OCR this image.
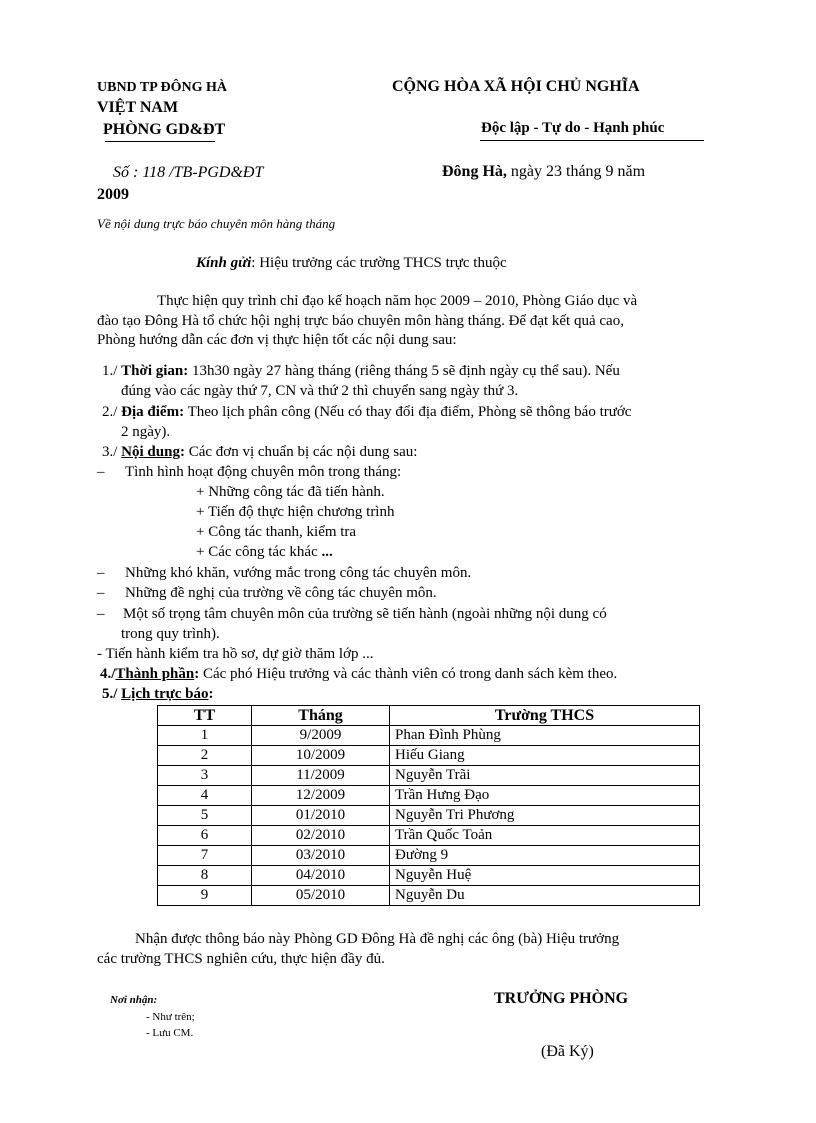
UBND TP ĐÔNG HÀ
VIỆT NAM
PHÒNG GD&ĐT
CỘNG HÒA XÃ HỘI CHỦ NGHĨA
Độc lập - Tự do - Hạnh phúc
Số : 118 /TB-PGD&ĐT	Đông Hà, ngày 23 tháng 9 năm
2009
Về nội dung trực báo chuyên môn hàng tháng
Kính gửi: Hiệu trưởng các trường THCS trực thuộc
Thực hiện quy trình chỉ đạo kế hoạch năm học 2009 – 2010, Phòng Giáo dục và
đào tạo Đông Hà tổ chức hội nghị trực báo chuyên môn hàng tháng. Để đạt kết quả cao,
Phòng hướng dẫn các đơn vị thực hiện tốt các nội dung sau:
1./ Thời gian: 13h30 ngày 27 hàng tháng (riêng tháng 5 sẽ định ngày cụ thể sau). Nếu
đúng vào các ngày thứ 7, CN và thứ 2 thì chuyển sang ngày thứ 3.
2./ Địa điểm: Theo lịch phân công (Nếu có thay đổi địa điểm, Phòng sẽ thông báo trước
2 ngày).
3./ Nội dung: Các đơn vị chuẩn bị các nội dung sau:
– Tình hình hoạt động chuyên môn trong tháng:
+ Những công tác đã tiến hành.
+ Tiến độ thực hiện chương trình
+ Công tác thanh, kiểm tra
+ Các công tác khác ...
– Những khó khăn, vướng mắc trong công tác chuyên môn.
– Những đề nghị của trường về công tác chuyên môn.
– Một số trọng tâm chuyên môn của trường sẽ tiến hành (ngoài những nội dung có
trong quy trình).
- Tiến hành kiểm tra hồ sơ, dự giờ thăm lớp ...
4./Thành phần: Các phó Hiệu trưởng và các thành viên có trong danh sách kèm theo.
5./ Lịch trực báo:
TT	Tháng	Trường THCS
1	9/2009	Phan Đình Phùng
2	10/2009	Hiếu Giang
3	11/2009	Nguyễn Trãi
4	12/2009	Trần Hưng Đạo
5	01/2010	Nguyễn Tri Phương
6	02/2010	Trần Quốc Toản
7	03/2010	Đường 9
8	04/2010	Nguyễn Huệ
9	05/2010	Nguyễn Du
Nhận được thông báo này Phòng GD Đông Hà đề nghị các ông (bà) Hiệu trưởng
các trường THCS nghiên cứu, thực hiện đầy đủ.
Nơi nhận:
- Như trên;
- Lưu CM.
TRƯỞNG PHÒNG
(Đã Ký)
